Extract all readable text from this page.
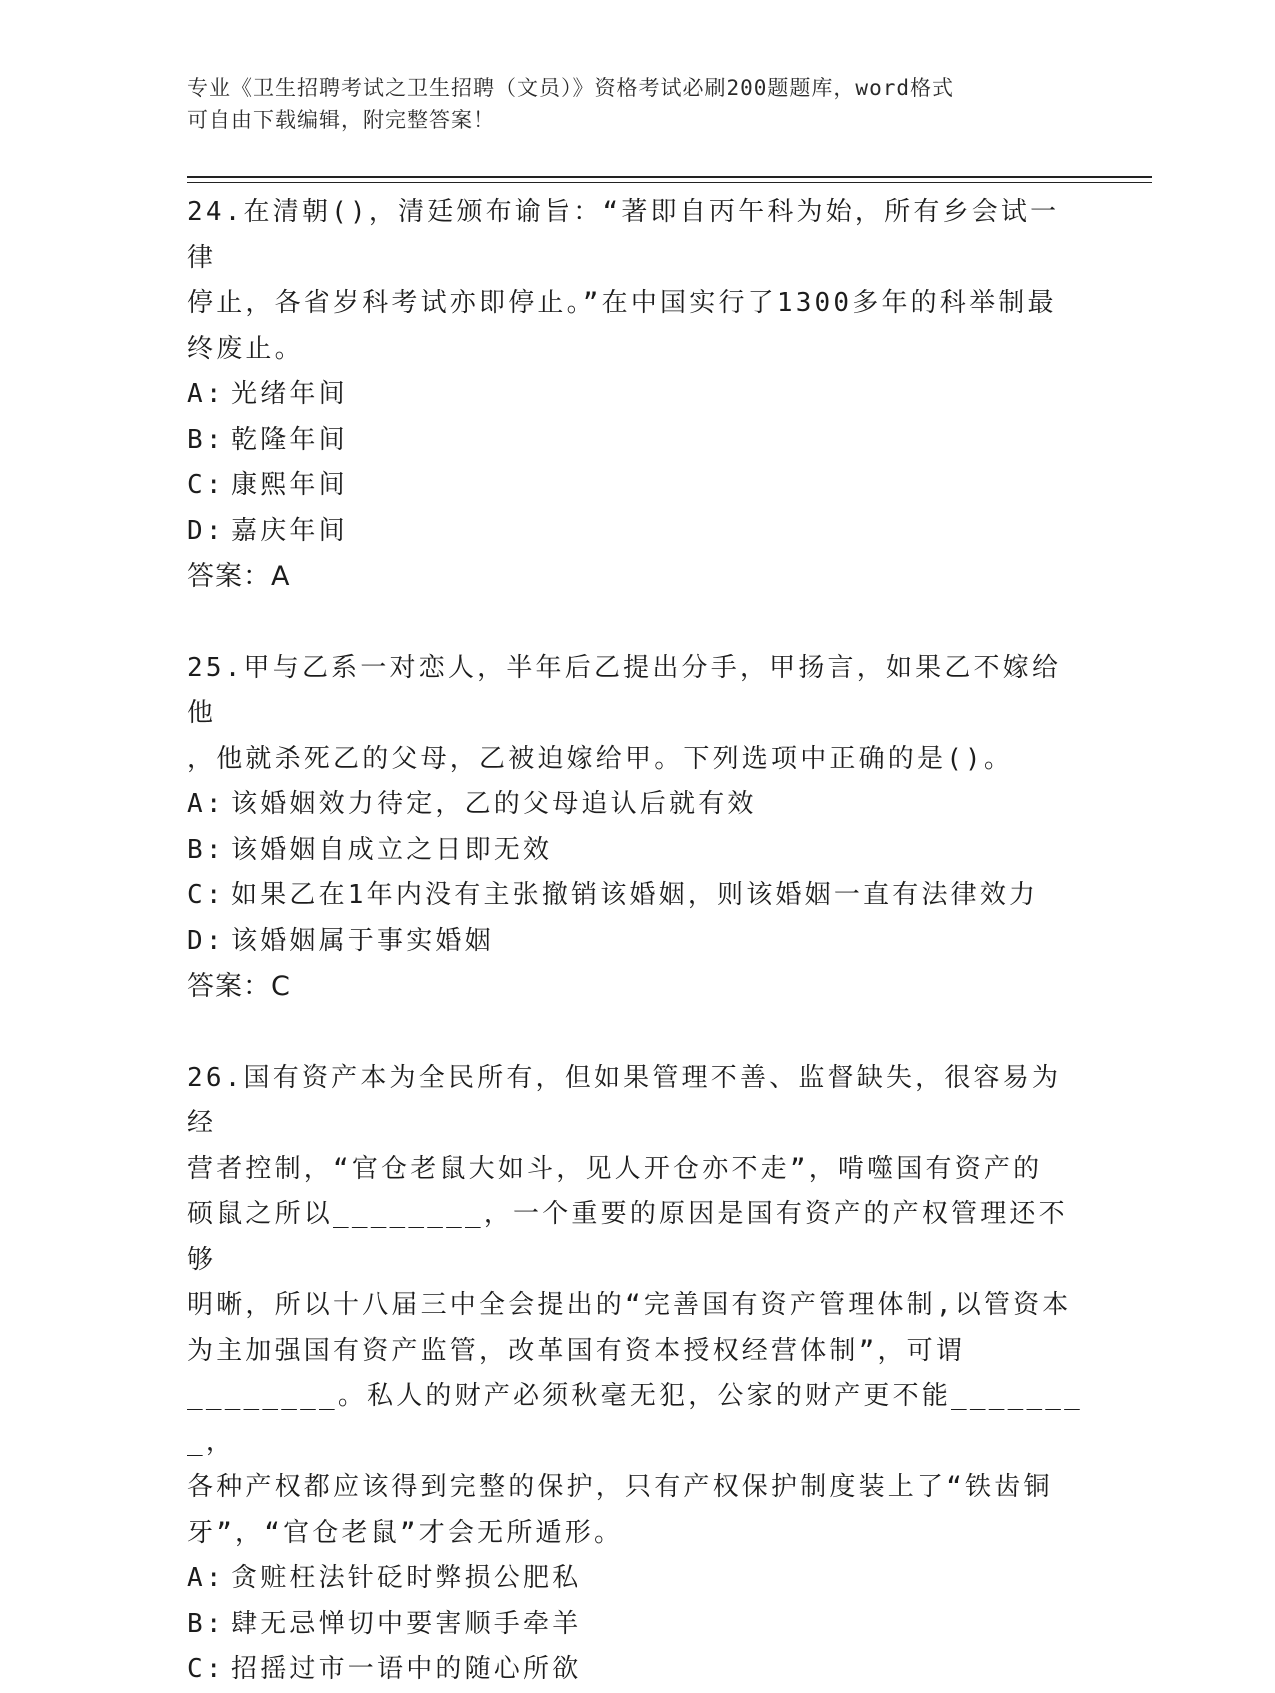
专业《卫生招聘考试之卫生招聘（文员）》资格考试必刷200题题库，word格式
可自由下载编辑，附完整答案！

24.在清朝()，清廷颁布谕旨：“著即自丙午科为始，所有乡会试一律

停止，各省岁科考试亦即停止。”在中国实行了1300多年的科举制最

终废止。

A: 光绪年间

B: 乾隆年间

C: 康熙年间

D: 嘉庆年间

答案：A

25.甲与乙系一对恋人，半年后乙提出分手，甲扬言，如果乙不嫁给他

，他就杀死乙的父母，乙被迫嫁给甲。下列选项中正确的是()。

A: 该婚姻效力待定，乙的父母追认后就有效

B: 该婚姻自成立之日即无效

C: 如果乙在1年内没有主张撤销该婚姻，则该婚姻一直有法律效力

D: 该婚姻属于事实婚姻

答案：C

26.国有资产本为全民所有，但如果管理不善、监督缺失，很容易为经

营者控制，“官仓老鼠大如斗，见人开仓亦不走”，啃噬国有资产的

硕鼠之所以________，一个重要的原因是国有资产的产权管理还不够

明晰，所以十八届三中全会提出的“完善国有资产管理体制,以管资本

为主加强国有资产监管，改革国有资本授权经营体制”，可谓

________。私人的财产必须秋毫无犯，公家的财产更不能________，

各种产权都应该得到完整的保护，只有产权保护制度装上了“铁齿铜

牙”，“官仓老鼠”才会无所遁形。

A: 贪赃枉法针砭时弊损公肥私

B: 肆无忌惮切中要害顺手牵羊

C: 招摇过市一语中的随心所欲
